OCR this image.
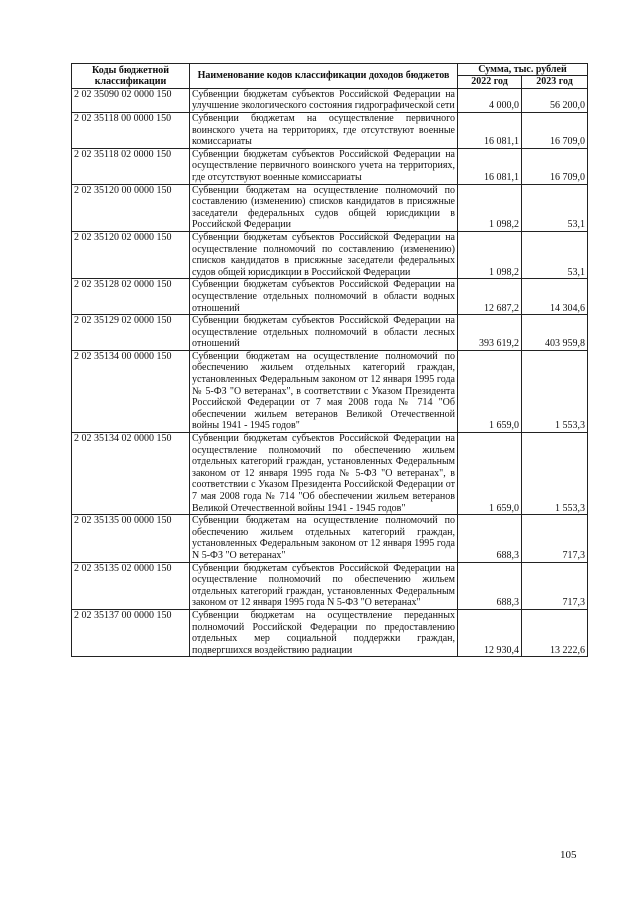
Коды бюджетной классификации	Наименование кодов классификации доходов бюджетов	Сумма, тыс. рублей	
		2022 год	2023 год
2 02 35090 02 0000 150	Субвенции бюджетам субъектов Российской Федерации на улучшение экологического состояния гидрографической сети	4 000,0	56 200,0
2 02 35118 00 0000 150	Субвенции бюджетам на осуществление первичного воинского учета на территориях, где отсутствуют военные комиссариаты	16 081,1	16 709,0
2 02 35118 02 0000 150	Субвенции бюджетам субъектов Российской Федерации на осуществление первичного воинского учета на территориях, где отсутствуют военные комиссариаты	16 081,1	16 709,0
2 02 35120 00 0000 150	Субвенции бюджетам на осуществление полномочий по составлению (изменению) списков кандидатов в присяжные заседатели федеральных судов общей юрисдикции в Российской Федерации	1 098,2	53,1
2 02 35120 02 0000 150	Субвенции бюджетам субъектов Российской Федерации на осуществление полномочий по составлению (изменению) списков кандидатов в присяжные заседатели федеральных судов общей юрисдикции в Российской Федерации	1 098,2	53,1
2 02 35128 02 0000 150	Субвенции бюджетам субъектов Российской Федерации на осуществление отдельных полномочий в области водных отношений	12 687,2	14 304,6
2 02 35129 02 0000 150	Субвенции бюджетам субъектов Российской Федерации на осуществление отдельных полномочий в области лесных отношений	393 619,2	403 959,8
2 02 35134 00 0000 150	Субвенции бюджетам на осуществление полномочий по обеспечению жильем отдельных категорий граждан, установленных Федеральным законом от 12 января 1995 года № 5-ФЗ "О ветеранах", в соответствии с Указом Президента Российской Федерации от 7 мая 2008 года № 714 "Об обеспечении жильем ветеранов Великой Отечественной войны 1941 - 1945 годов"	1 659,0	1 553,3
2 02 35134 02 0000 150	Субвенции бюджетам субъектов Российской Федерации на осуществление полномочий по обеспечению жильем отдельных категорий граждан, установленных Федеральным законом от 12 января 1995 года № 5-ФЗ "О ветеранах", в соответствии с Указом Президента Российской Федерации от 7 мая 2008 года № 714 "Об обеспечении жильем ветеранов Великой Отечественной войны 1941 - 1945 годов"	1 659,0	1 553,3
2 02 35135 00 0000 150	Субвенции бюджетам на осуществление полномочий по обеспечению жильем отдельных категорий граждан, установленных Федеральным законом от 12 января 1995 года N 5-ФЗ "О ветеранах"	688,3	717,3
2 02 35135 02 0000 150	Субвенции бюджетам субъектов Российской Федерации на осуществление полномочий по обеспечению жильем отдельных категорий граждан, установленных Федеральным законом от 12 января 1995 года N 5-ФЗ "О ветеранах"	688,3	717,3
2 02 35137 00 0000 150	Субвенции бюджетам на осуществление переданных полномочий Российской Федерации по предоставлению отдельных мер социальной поддержки граждан, подвергшихся воздействию радиации	12 930,4	13 222,6
105
